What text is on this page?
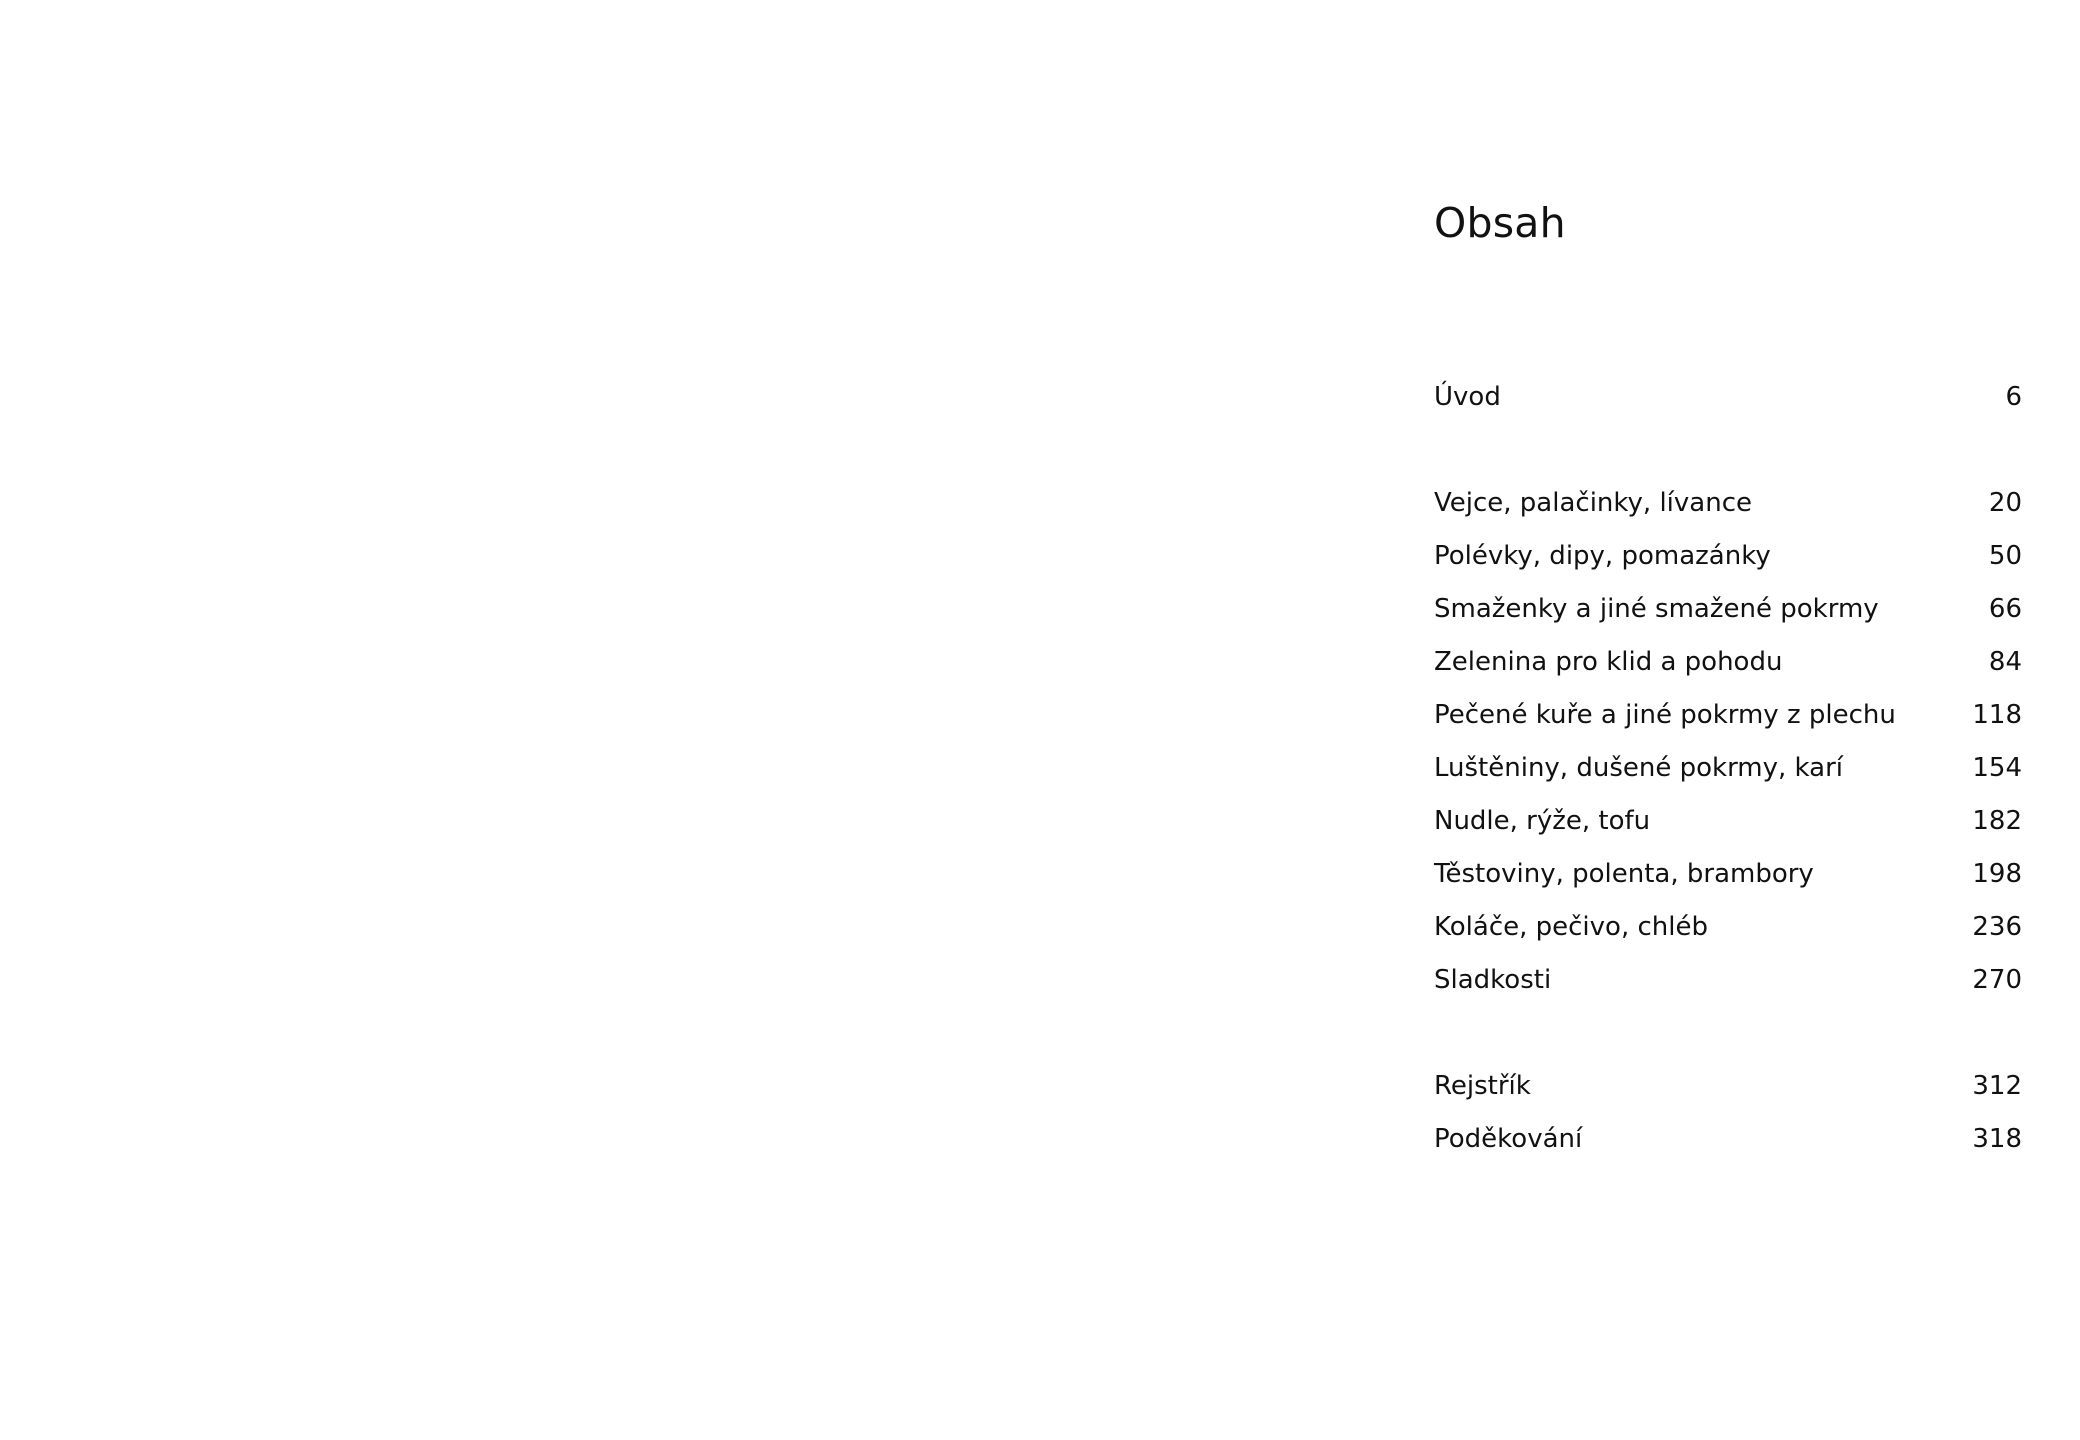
Obsah
Úvod	6
Vejce, palačinky, lívance	20
Polévky, dipy, pomazánky	50
Smaženky a jiné smažené pokrmy	66
Zelenina pro klid a pohodu	84
Pečené kuře a jiné pokrmy z plechu	118
Luštěniny, dušené pokrmy, karí	154
Nudle, rýže, tofu	182
Těstoviny, polenta, brambory	198
Koláče, pečivo, chléb	236
Sladkosti	270
Rejstřík	312
Poděkování	318
